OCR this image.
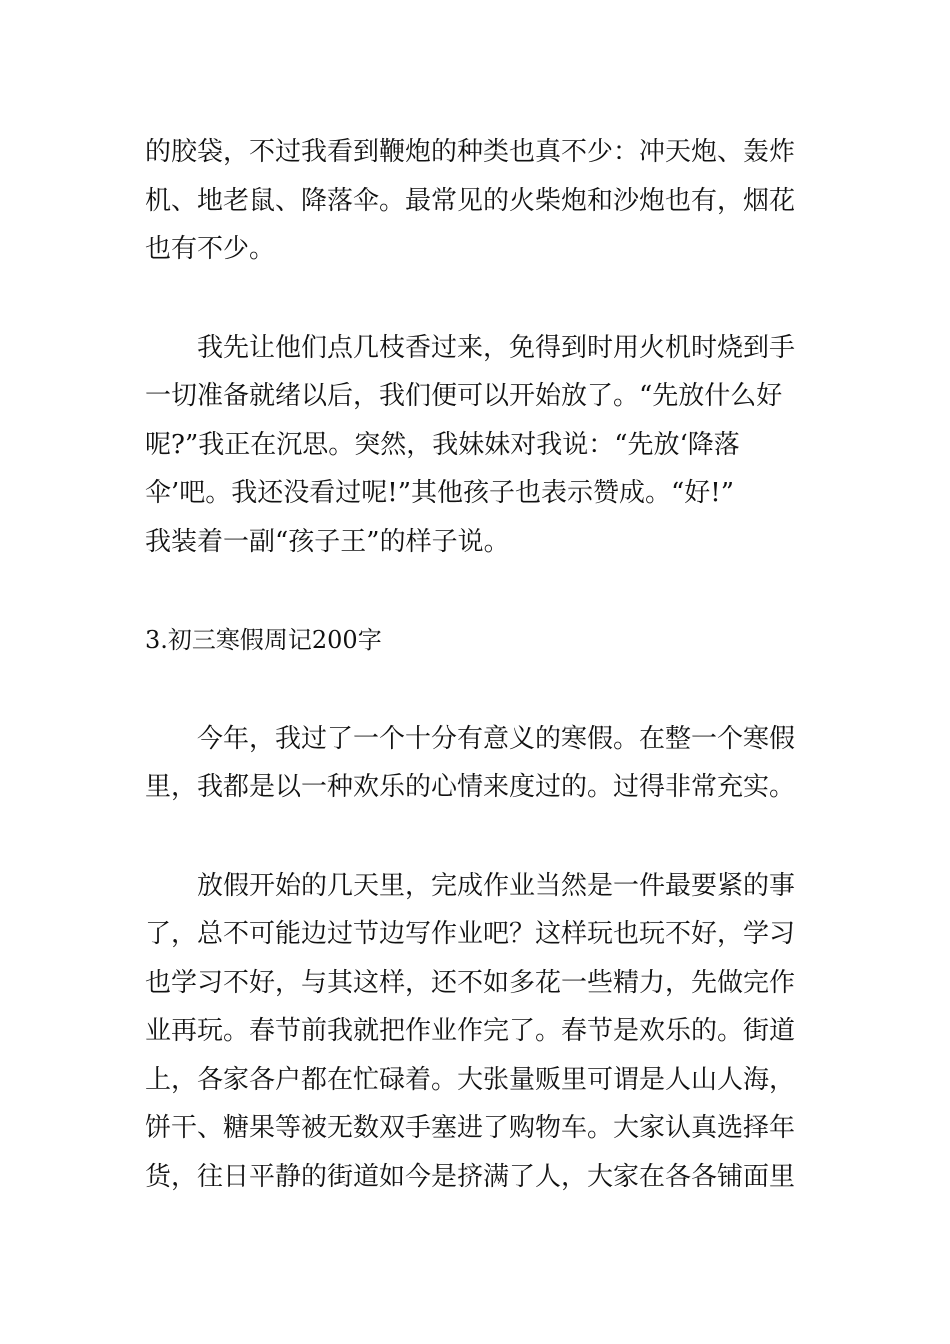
的胶袋，不过我看到鞭炮的种类也真不少：冲天炮、轰炸
机、地老鼠、降落伞。最常见的火柴炮和沙炮也有，烟花
也有不少。
我先让他们点几枝香过来，免得到时用火机时烧到手
一切准备就绪以后，我们便可以开始放了。“先放什么好
呢?”我正在沉思。突然，我妹妹对我说：“先放‘降落
伞’吧。我还没看过呢!”其他孩子也表示赞成。“好!”
我装着一副“孩子王”的样子说。
3.初三寒假周记200字
今年，我过了一个十分有意义的寒假。在整一个寒假
里，我都是以一种欢乐的心情来度过的。过得非常充实。
放假开始的几天里，完成作业当然是一件最要紧的事
了，总不可能边过节边写作业吧？这样玩也玩不好，学习
也学习不好，与其这样，还不如多花一些精力，先做完作
业再玩。春节前我就把作业作完了。春节是欢乐的。街道
上，各家各户都在忙碌着。大张量贩里可谓是人山人海，
饼干、糖果等被无数双手塞进了购物车。大家认真选择年
货，往日平静的街道如今是挤满了人，大家在各各铺面里
